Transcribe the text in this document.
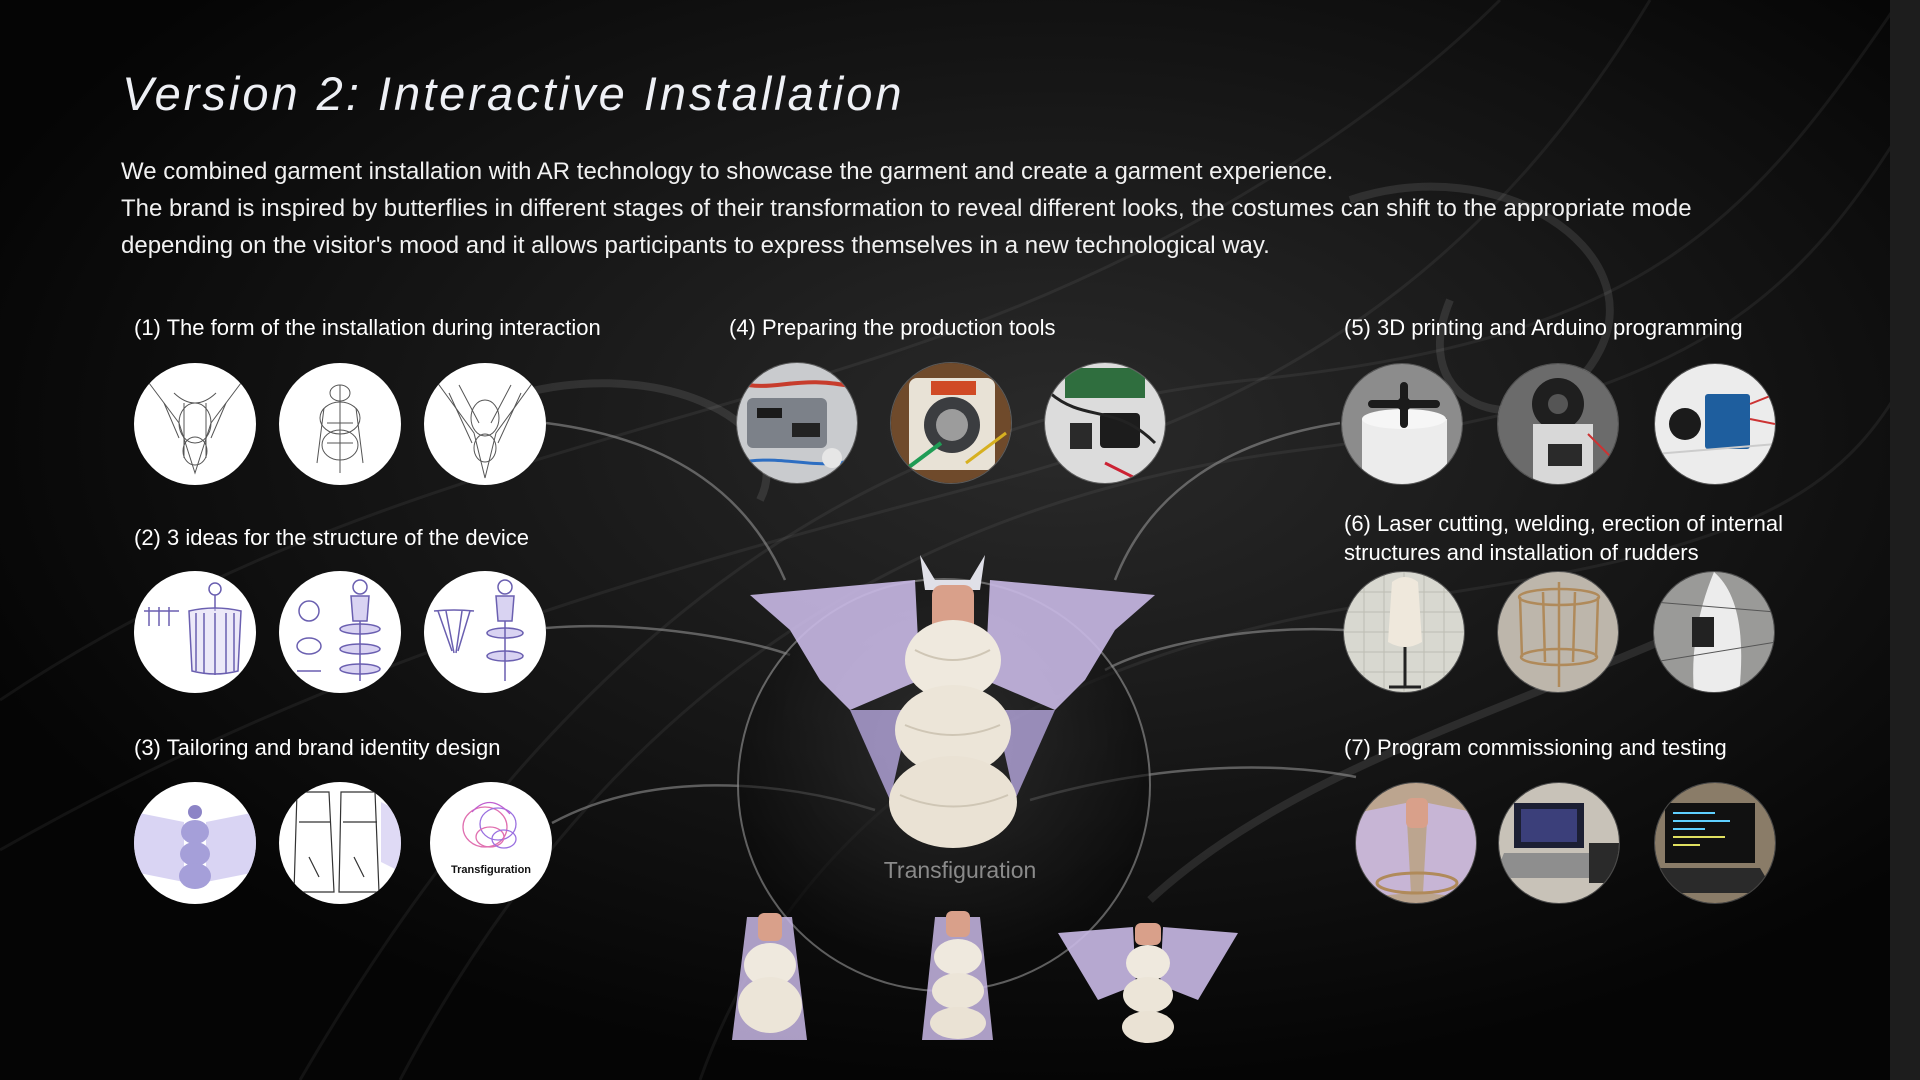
Version 2: Interactive Installation

We combined garment installation with AR technology to showcase the garment and create a garment experience.

The brand is inspired by butterflies in different stages of their transformation to reveal different looks, the costumes can shift to the appropriate mode depending on the visitor's mood and it allows participants to express themselves in a new technological way.

(1) The form of the installation during interaction
(2) 3 ideas for the structure of the device
(3) Tailoring and brand identity design
Transfiguration
(4) Preparing the production tools	(5) 3D printing and Arduino programming
(6) Laser cutting, welding, erection of internal structures and installation of rudders
(7) Program commissioning and testing
Transfiguration
